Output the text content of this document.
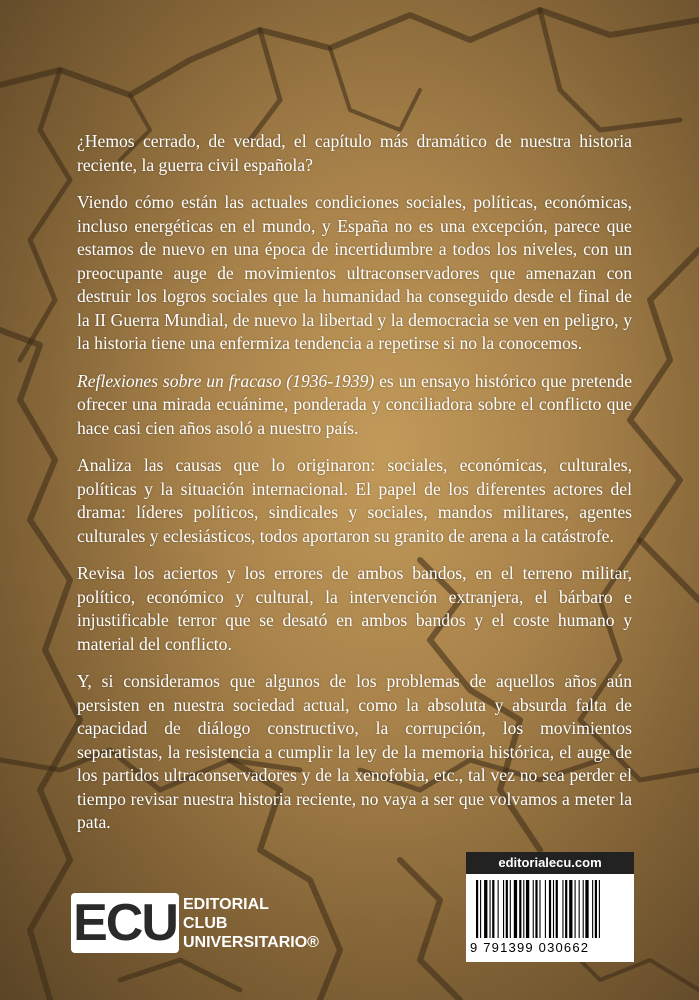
¿Hemos cerrado, de verdad, el capítulo más dramático de nuestra historia reciente, la guerra civil española?

Viendo cómo están las actuales condiciones sociales, políticas, económicas, incluso energéticas en el mundo, y España no es una excepción, parece que estamos de nuevo en una época de incertidumbre a todos los niveles, con un preocupante auge de movimientos ultraconservadores que amenazan con destruir los logros sociales que la humanidad ha conseguido desde el final de la II Guerra Mundial, de nuevo la libertad y la democracia se ven en peligro, y la historia tiene una enfermiza tendencia a repetirse si no la conocemos.

Reflexiones sobre un fracaso (1936-1939) es un ensayo histórico que pretende ofrecer una mirada ecuánime, ponderada y conciliadora sobre el conflicto que hace casi cien años asoló a nuestro país.

Analiza las causas que lo originaron: sociales, económicas, culturales, políticas y la situación internacional. El papel de los diferentes actores del drama: líderes políticos, sindicales y sociales, mandos militares, agentes culturales y eclesiásticos, todos aportaron su granito de arena a la catástrofe.

Revisa los aciertos y los errores de ambos bandos, en el terreno militar, político, económico y cultural, la intervención extranjera, el bárbaro e injustificable terror que se desató en ambos bandos y el coste humano y material del conflicto.

Y, si consideramos que algunos de los problemas de aquellos años aún persisten en nuestra sociedad actual, como la absoluta y absurda falta de capacidad de diálogo constructivo, la corrupción, los movimientos separatistas, la resistencia a cumplir la ley de la memoria histórica, el auge de los partidos ultraconservadores y de la xenofobia, etc., tal vez no sea perder el tiempo revisar nuestra historia reciente, no vaya a ser que volvamos a meter la pata.

ECU EDITORIAL
CLUB
UNIVERSITARIO®
editorialecu.com
9 791399 030662
